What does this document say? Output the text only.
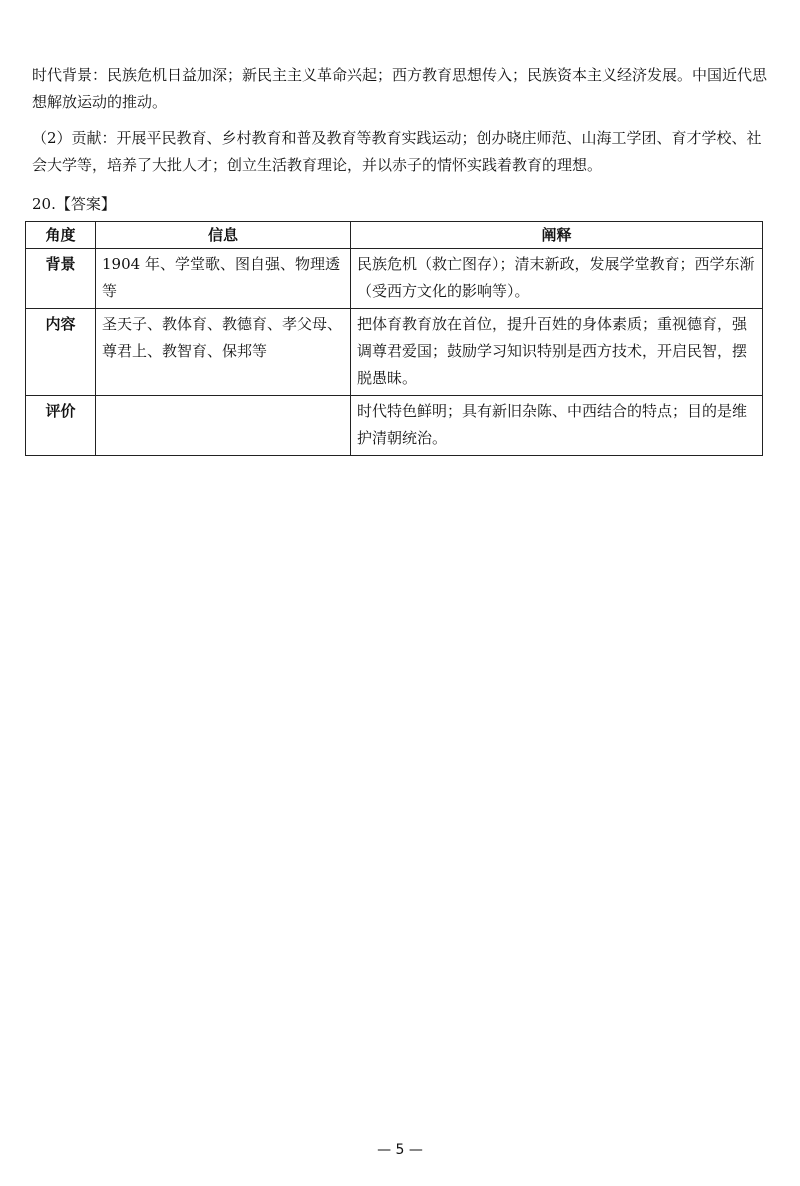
时代背景：民族危机日益加深；新民主主义革命兴起；西方教育思想传入；民族资本主义经济发展。中国近代思想解放运动的推动。

（2）贡献：开展平民教育、乡村教育和普及教育等教育实践运动；创办晓庄师范、山海工学团、育才学校、社会大学等，培养了大批人才；创立生活教育理论，并以赤子的情怀实践着教育的理想。

20.【答案】

角度	信息	阐释
背景	1904 年、学堂歌、图自强、物理透等	民族危机（救亡图存）；清末新政，发展学堂教育；西学东渐（受西方文化的影响等）。
内容	圣天子、教体育、教德育、孝父母、尊君上、教智育、保邦等	把体育教育放在首位，提升百姓的身体素质；重视德育，强调尊君爱国；鼓励学习知识特别是西方技术，开启民智，摆脱愚昧。
评价		时代特色鲜明；具有新旧杂陈、中西结合的特点；目的是维护清朝统治。
— 5 —
